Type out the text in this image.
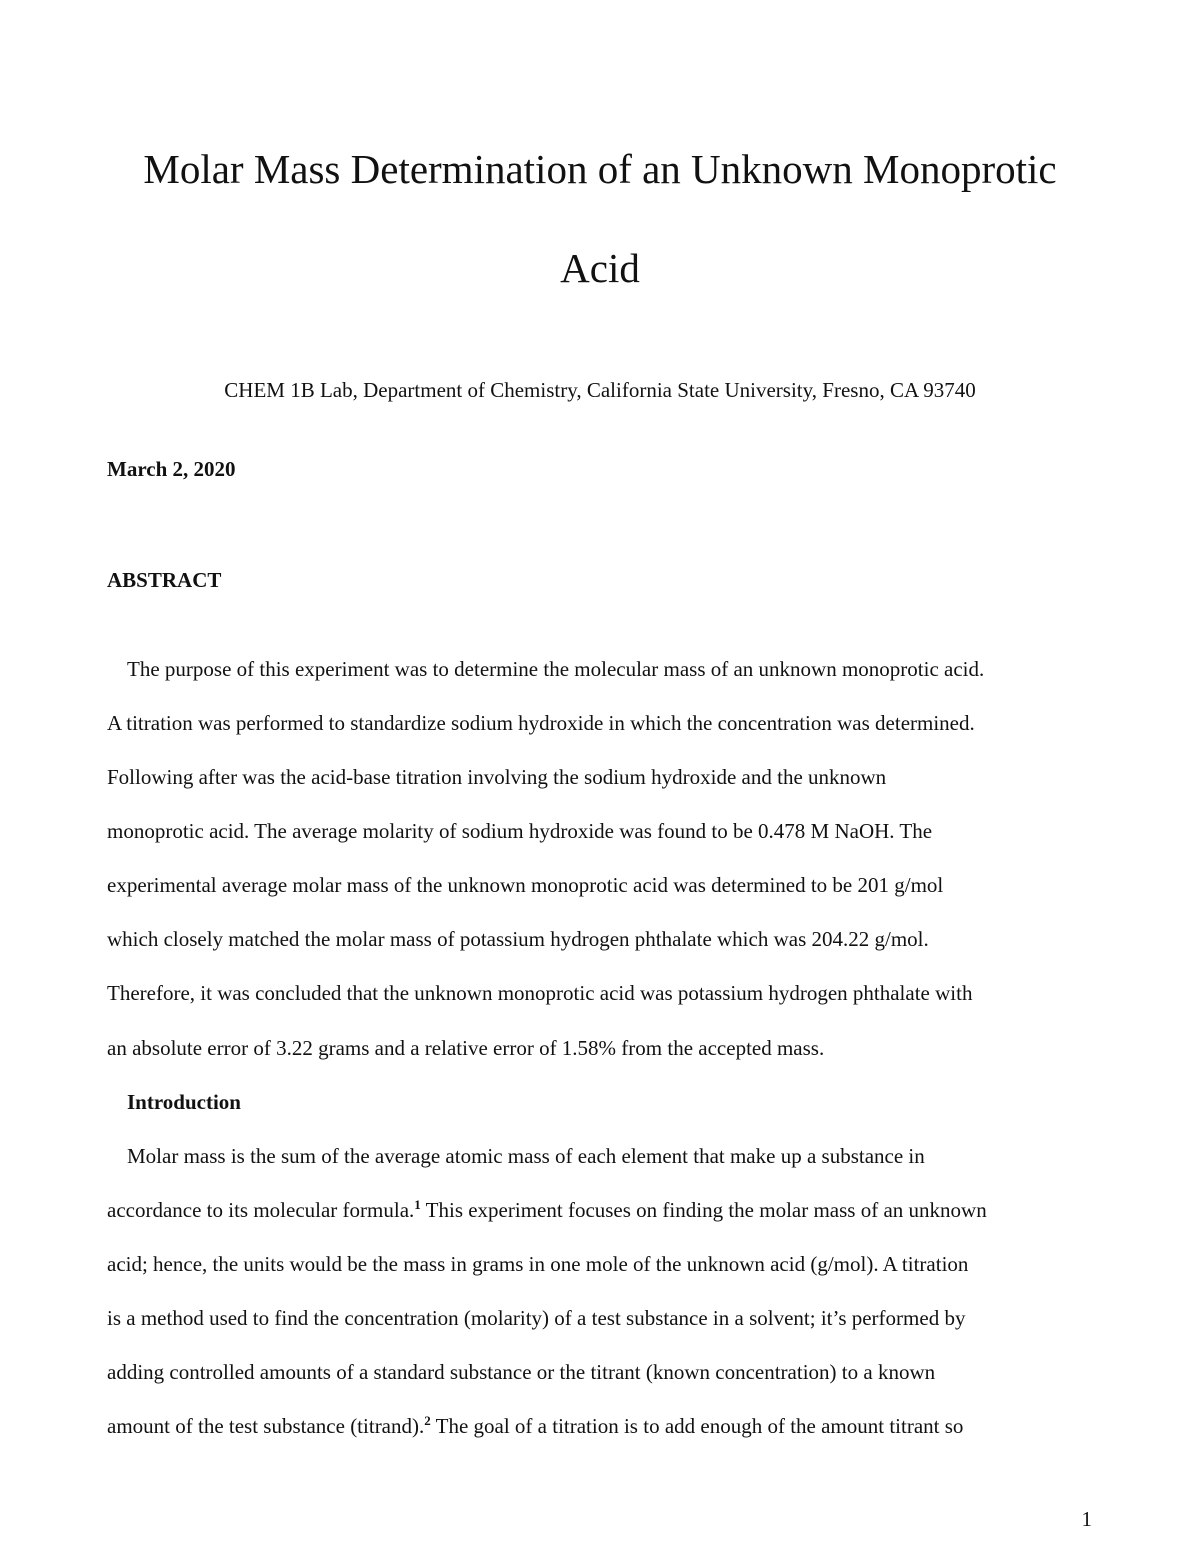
Molar Mass Determination of an Unknown Monoprotic
Acid

CHEM 1B Lab, Department of Chemistry, California State University, Fresno, CA 93740

March 2, 2020

ABSTRACT

The purpose of this experiment was to determine the molecular mass of an unknown monoprotic acid.

A titration was performed to standardize sodium hydroxide in which the concentration was determined.

Following after was the acid-base titration involving the sodium hydroxide and the unknown

monoprotic acid. The average molarity of sodium hydroxide was found to be 0.478 M NaOH. The

experimental average molar mass of the unknown monoprotic acid was determined to be 201 g/mol

which closely matched the molar mass of potassium hydrogen phthalate which was 204.22 g/mol.

Therefore, it was concluded that the unknown monoprotic acid was potassium hydrogen phthalate with

an absolute error of 3.22 grams and a relative error of 1.58% from the accepted mass.

Introduction

Molar mass is the sum of the average atomic mass of each element that make up a substance in

accordance to its molecular formula.$^1$ This experiment focuses on finding the molar mass of an unknown

acid; hence, the units would be the mass in grams in one mole of the unknown acid (g/mol). A titration

is a method used to find the concentration (molarity) of a test substance in a solvent; it’s performed by

adding controlled amounts of a standard substance or the titrant (known concentration) to a known

amount of the test substance (titrand).$^2$ The goal of a titration is to add enough of the amount titrant so

1
